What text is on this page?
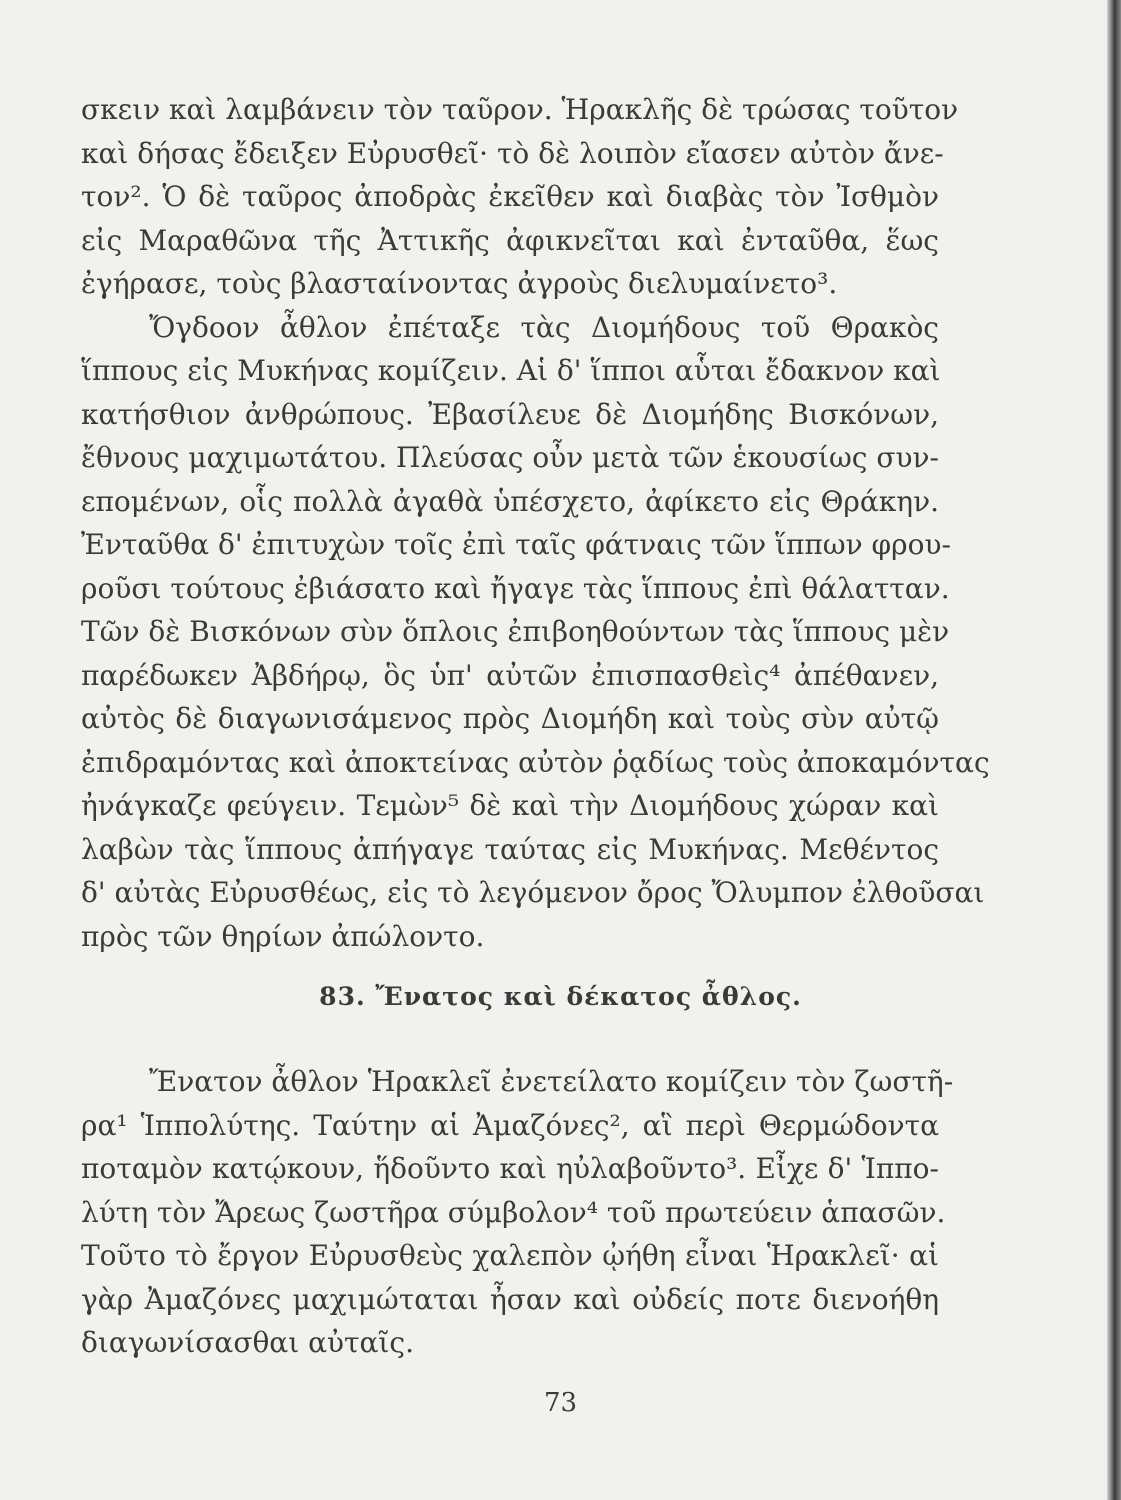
σκειν καὶ λαμβάνειν τὸν ταῦρον. Ἡρακλῆς δὲ τρώσας τοῦτον
καὶ δήσας ἔδειξεν Εὐρυσθεῖ· τὸ δὲ λοιπὸν εἴασεν αὐτὸν ἄνε-
τον². Ὁ δὲ ταῦρος ἀποδρὰς ἐκεῖθεν καὶ διαβὰς τὸν Ἰσθμὸν
εἰς Μαραθῶνα τῆς Ἀττικῆς ἀφικνεῖται καὶ ἐνταῦθα, ἕως
ἐγήρασε, τοὺς βλασταίνοντας ἀγροὺς διελυμαίνετο³.
Ὄγδοον ἆθλον ἐπέταξε τὰς Διομήδους τοῦ Θρακὸς
ἵππους εἰς Μυκήνας κομίζειν. Αἱ δ' ἵπποι αὗται ἔδακνον καὶ
κατήσθιον ἀνθρώπους. Ἐβασίλευε δὲ Διομήδης Βισκόνων,
ἔθνους μαχιμωτάτου. Πλεύσας οὖν μετὰ τῶν ἑκουσίως συν-
επομένων, οἷς πολλὰ ἀγαθὰ ὑπέσχετο, ἀφίκετο εἰς Θράκην.
Ἐνταῦθα δ' ἐπιτυχὼν τοῖς ἐπὶ ταῖς φάτναις τῶν ἵππων φρου-
ροῦσι τούτους ἐβιάσατο καὶ ἤγαγε τὰς ἵππους ἐπὶ θάλατταν.
Τῶν δὲ Βισκόνων σὺν ὅπλοις ἐπιβοηθούντων τὰς ἵππους μὲν
παρέδωκεν Ἀβδήρῳ, ὃς ὑπ' αὐτῶν ἐπισπασθεὶς⁴ ἀπέθανεν,
αὐτὸς δὲ διαγωνισάμενος πρὸς Διομήδη καὶ τοὺς σὺν αὐτῷ
ἐπιδραμόντας καὶ ἀποκτείνας αὐτὸν ῥᾳδίως τοὺς ἀποκαμόντας
ἠνάγκαζε φεύγειν. Τεμὼν⁵ δὲ καὶ τὴν Διομήδους χώραν καὶ
λαβὼν τὰς ἵππους ἀπήγαγε ταύτας εἰς Μυκήνας. Μεθέντος
δ' αὐτὰς Εὐρυσθέως, εἰς τὸ λεγόμενον ὄρος Ὄλυμπον ἐλθοῦσαι
πρὸς τῶν θηρίων ἀπώλοντο.
83. Ἔνατος καὶ δέκατος ἆθλος.
Ἔνατον ἆθλον Ἡρακλεῖ ἐνετείλατο κομίζειν τὸν ζωστῆ-
ρα¹ Ἱππολύτης. Ταύτην αἱ Ἀμαζόνες², αἳ περὶ Θερμώδοντα
ποταμὸν κατῴκουν, ἥδοῦντο καὶ ηὐλαβοῦντο³. Εἶχε δ' Ἱππο-
λύτη τὸν Ἄρεως ζωστῆρα σύμβολον⁴ τοῦ πρωτεύειν ἁπασῶν.
Τοῦτο τὸ ἔργον Εὐρυσθεὺς χαλεπὸν ᾠήθη εἶναι Ἡρακλεῖ· αἱ
γὰρ Ἀμαζόνες μαχιμώταται ἦσαν καὶ οὐδείς ποτε διενοήθη
διαγωνίσασθαι αὐταῖς.
73
